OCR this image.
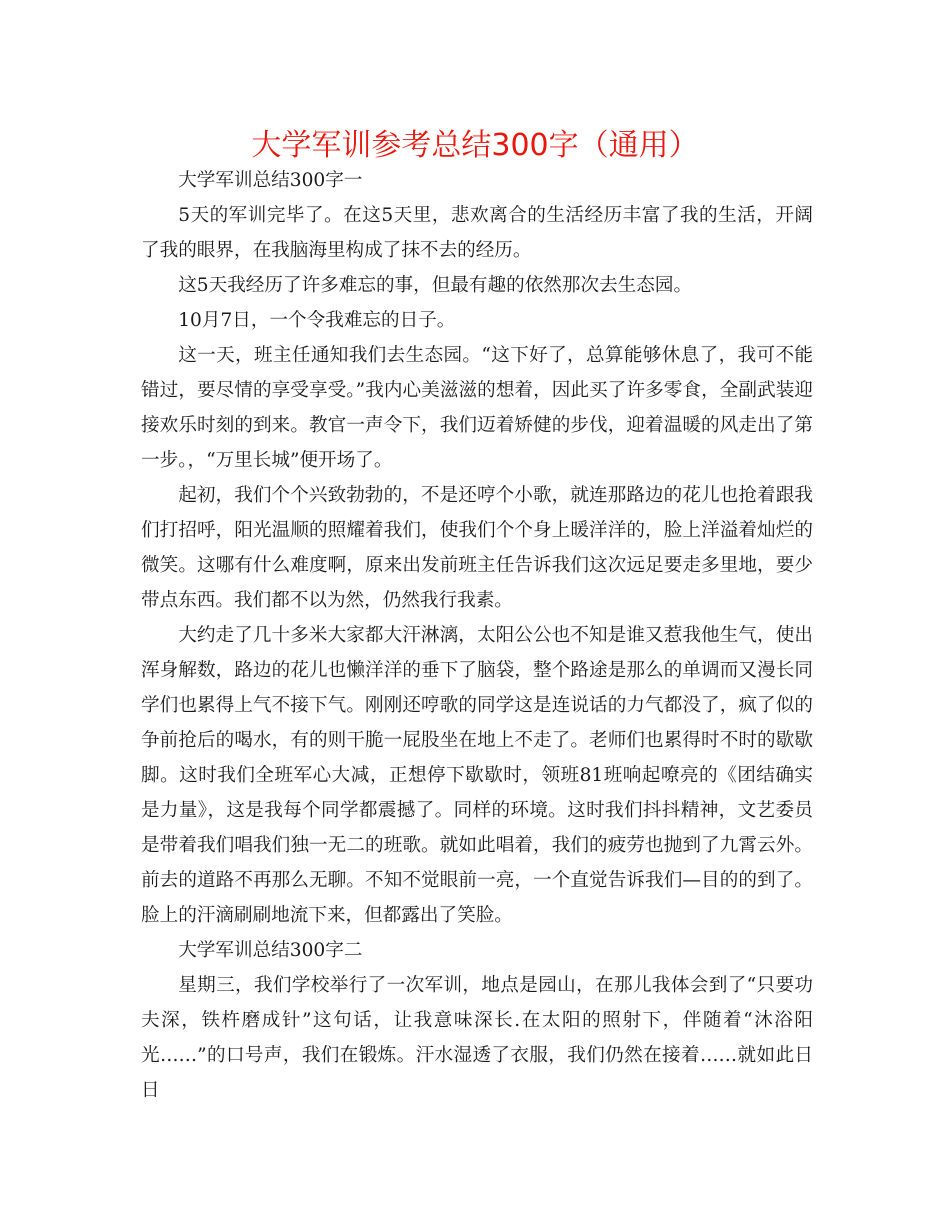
大学军训参考总结300字（通用）

大学军训总结300字一

5天的军训完毕了。在这5天里，悲欢离合的生活经历丰富了我的生活，开阔了我的眼界，在我脑海里构成了抹不去的经历。

这5天我经历了许多难忘的事，但最有趣的依然那次去生态园。

10月7日，一个令我难忘的日子。

这一天，班主任通知我们去生态园。“这下好了，总算能够休息了，我可不能错过，要尽情的享受享受。”我内心美滋滋的想着，因此买了许多零食，全副武装迎接欢乐时刻的到来。教官一声令下，我们迈着矫健的步伐，迎着温暖的风走出了第一步。，“万里长城”便开场了。

起初，我们个个兴致勃勃的，不是还哼个小歌，就连那路边的花儿也抢着跟我们打招呼，阳光温顺的照耀着我们，使我们个个身上暖洋洋的，脸上洋溢着灿烂的微笑。这哪有什么难度啊，原来出发前班主任告诉我们这次远足要走多里地，要少带点东西。我们都不以为然，仍然我行我素。

大约走了几十多米大家都大汗淋漓，太阳公公也不知是谁又惹我他生气，使出浑身解数，路边的花儿也懒洋洋的垂下了脑袋，整个路途是那么的单调而又漫长同学们也累得上气不接下气。刚刚还哼歌的同学这是连说话的力气都没了，疯了似的争前抢后的喝水，有的则干脆一屁股坐在地上不走了。老师们也累得时不时的歇歇脚。这时我们全班军心大减，正想停下歇歇时，领班81班响起嘹亮的《团结确实是力量》，这是我每个同学都震撼了。同样的环境。这时我们抖抖精神，文艺委员是带着我们唱我们独一无二的班歌。就如此唱着，我们的疲劳也抛到了九霄云外。前去的道路不再那么无聊。不知不觉眼前一亮，一个直觉告诉我们—目的的到了。脸上的汗滴刷刷地流下来，但都露出了笑脸。

大学军训总结300字二

星期三，我们学校举行了一次军训，地点是园山，在那儿我体会到了“只要功夫深，铁杵磨成针”这句话，让我意味深长.在太阳的照射下，伴随着“沐浴阳光……”的口号声，我们在锻炼。汗水湿透了衣服，我们仍然在接着……就如此日日
